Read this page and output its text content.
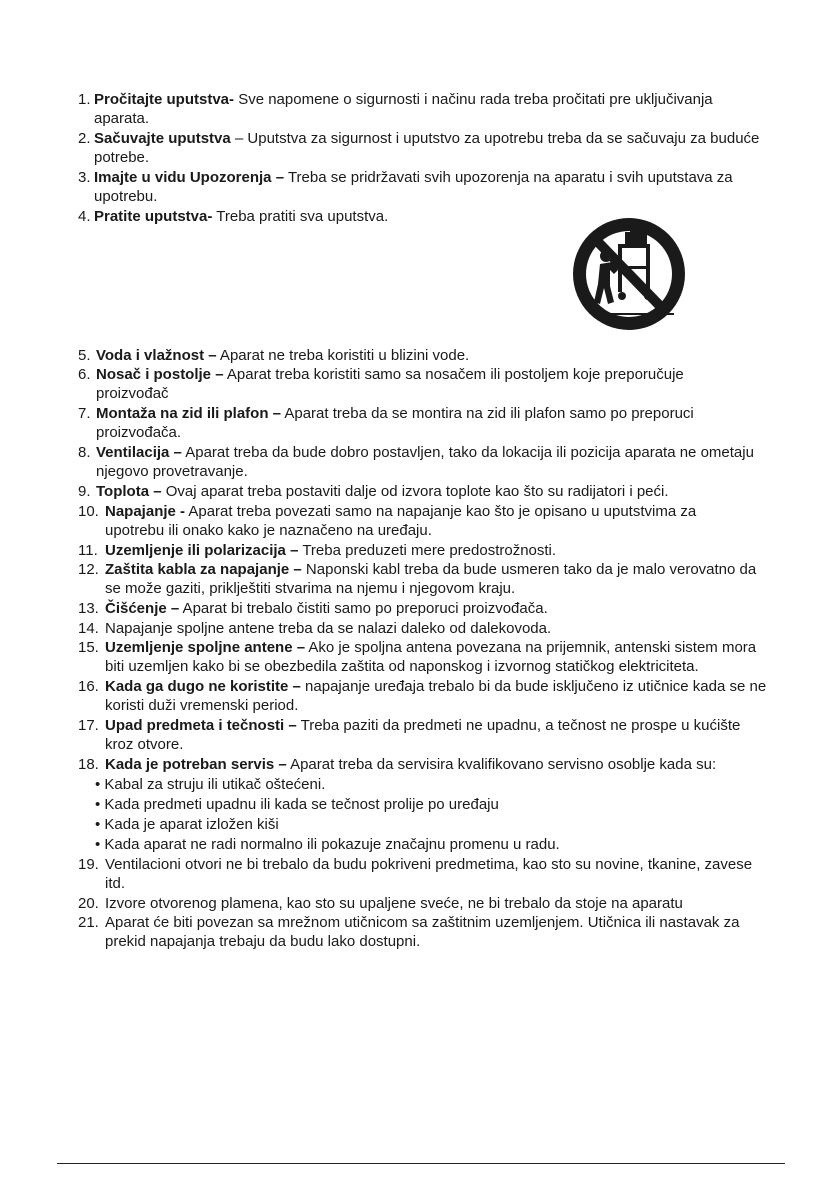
1. Pročitajte uputstva- Sve napomene o sigurnosti i načinu rada treba pročitati pre uključivanja aparata.
2. Sačuvajte uputstva – Uputstva za sigurnost i uputstvo za upotrebu treba da se sačuvaju za buduće potrebe.
3. Imajte u vidu Upozorenja – Treba se pridržavati svih upozorenja na aparatu i svih uputstava za upotrebu.
4. Pratite uputstva- Treba pratiti sva uputstva.
5. Voda i vlažnost – Aparat ne treba koristiti u blizini vode.
6. Nosač i postolje – Aparat treba koristiti samo sa nosačem ili postoljem koje preporučuje proizvođač
7. Montaža na zid ili plafon – Aparat treba da se montira na zid ili plafon samo po preporuci proizvođača.
8. Ventilacija – Aparat treba da bude dobro postavljen, tako da lokacija ili pozicija aparata ne ometaju njegovo provetravanje.
9. Toplota – Ovaj aparat treba postaviti dalje od izvora toplote kao što su radijatori i peći.
10. Napajanje - Aparat treba povezati samo na napajanje kao što je opisano u uputstvima za upotrebu ili onako kako je naznačeno na uređaju.
11. Uzemljenje ili polarizacija – Treba preduzeti mere predostrožnosti.
12. Zaštita kabla za napajanje – Naponski kabl treba da bude usmeren tako da je malo verovatno da se može gaziti, priklještiti stvarima na njemu i njegovom kraju.
13. Čišćenje – Aparat bi trebalo čistiti samo po preporuci proizvođača.
14. Napajanje spoljne antene treba da se nalazi daleko od dalekovoda.
15. Uzemljenje spoljne antene – Ako je spoljna antena povezana na prijemnik, antenski sistem mora biti uzemljen kako bi se obezbedila zaštita od naponskog i izvornog statičkog elektriciteta.
16. Kada ga dugo ne koristite – napajanje uređaja trebalo bi da bude isključeno iz utičnice kada se ne koristi duži vremenski period.
17. Upad predmeta i tečnosti – Treba paziti da predmeti ne upadnu, a tečnost ne prospe u kućište kroz otvore.
18. Kada je potreban servis – Aparat treba da servisira kvalifikovano servisno osoblje kada su:
• Kabal za struju ili utikač oštećeni.
• Kada predmeti upadnu ili kada se tečnost prolije po uređaju
• Kada je aparat izložen kiši
• Kada aparat ne radi normalno ili pokazuje značajnu promenu u radu.
19. Ventilacioni otvori ne bi trebalo da budu pokriveni predmetima, kao sto su novine, tkanine, zavese itd.
20. Izvore otvorenog plamena, kao sto su upaljene sveće, ne bi trebalo da stoje na aparatu
21. Aparat će biti povezan sa mrežnom utičnicom sa zaštitnim uzemljenjem. Utičnica ili nastavak za prekid napajanja trebaju da budu lako dostupni.
